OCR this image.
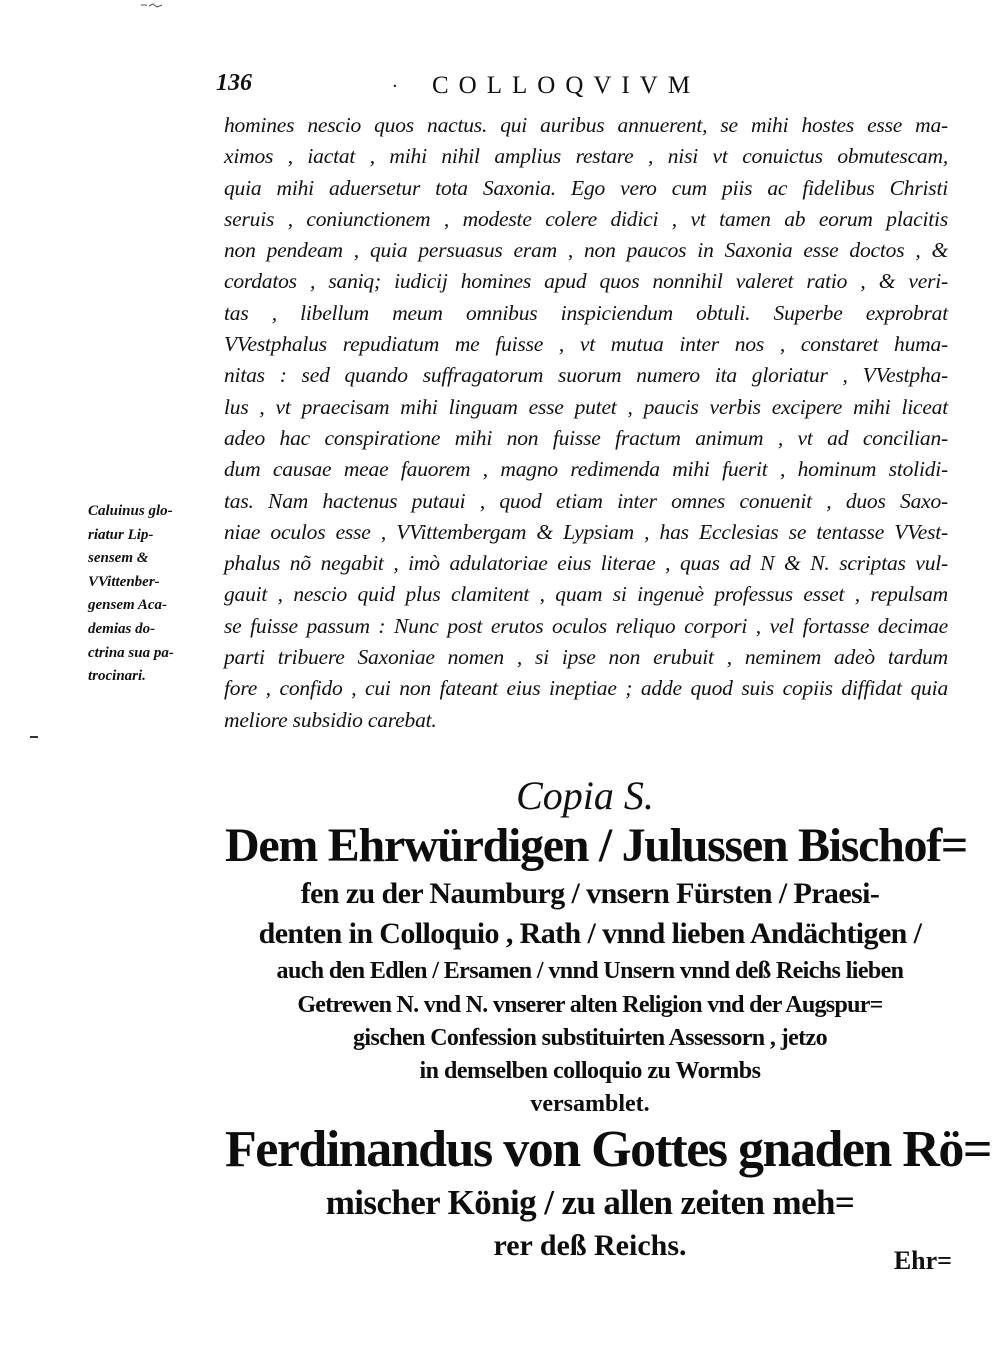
136	· COLLOQVIVM
homines nescio quos nactus. qui auribus annuerent, se mihi hostes esse ma-
ximos , iactat , mihi nihil amplius restare , nisi vt conuictus obmutescam,
quia mihi aduersetur tota Saxonia. Ego vero cum piis ac fidelibus Christi
seruis , coniunctionem , modeste colere didici , vt tamen ab eorum placitis
non pendeam , quia persuasus eram , non paucos in Saxonia esse doctos , &
cordatos , saniq; iudicij homines apud quos nonnihil valeret ratio , & veri-
tas , libellum meum omnibus inspiciendum obtuli. Superbe exprobrat
VVestphalus repudiatum me fuisse , vt mutua inter nos , constaret huma-
nitas : sed quando suffragatorum suorum numero ita gloriatur , VVestpha-
lus , vt praecisam mihi linguam esse putet , paucis verbis excipere mihi liceat
adeo hac conspiratione mihi non fuisse fractum animum , vt ad concilian-
dum causae meae fauorem , magno redimenda mihi fuerit , hominum stolidi-
tas. Nam hactenus putaui , quod etiam inter omnes conuenit , duos Saxo-
niae oculos esse , VVittembergam & Lypsiam , has Ecclesias se tentasse VVest-
phalus nõ negabit , imò adulatoriae eius literae , quas ad N & N. scriptas vul-
gauit , nescio quid plus clamitent , quam si ingenuè professus esset , repulsam
se fuisse passum : Nunc post erutos oculos reliquo corpori , vel fortasse decimae
parti tribuere Saxoniae nomen , si ipse non erubuit , neminem adeò tardum
fore , confido , cui non fateant eius ineptiae ; adde quod suis copiis diffidat quia
meliore subsidio carebat.
Caluinus glo-
riatur Lip-
sensem &
VVittenber-
gensem Aca-
demias do-
ctrina sua pa-
trocinari.
Copia S.
Dem Ehrwürdigen / Julussen Bischof=
fen zu der Naumburg / vnsern Fürsten / Praesi-
denten in Colloquio , Rath / vnnd lieben Andächtigen /
auch den Edlen / Ersamen / vnnd Unsern vnnd deß Reichs lieben
Getrewen N. vnd N. vnserer alten Religion vnd der Augspur=
gischen Confession substituirten Assessorn , jetzo
in demselben colloquio zu Wormbs
versamblet.
Ferdinandus von Gottes gnaden Rö=
mischer König / zu allen zeiten meh=
rer deß Reichs.	Ehr=
